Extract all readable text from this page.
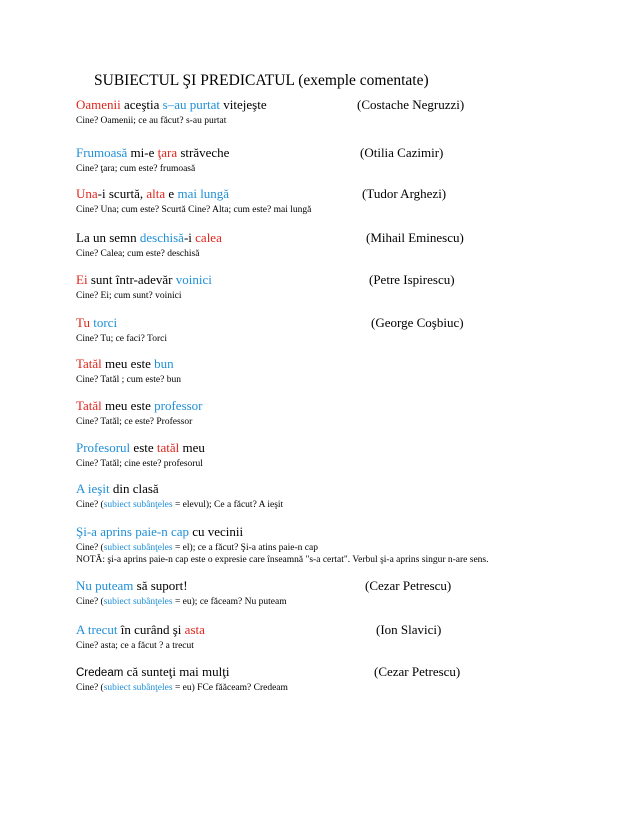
SUBIECTUL ŞI PREDICATUL (exemple comentate)
Oamenii aceştia s–au purtat vitejeşte	(Costache Negruzzi)
Cine? Oamenii; ce au făcut? s-au purtat
Frumoasă mi-e ţara străveche	(Otilia Cazimir)
Cine? ţara; cum este? frumoasă
Una-i scurtă, alta e mai lungă	(Tudor Arghezi)
Cine? Una; cum este? Scurtă Cine? Alta; cum este? mai lungă
La un semn deschisă-i calea	(Mihail Eminescu)
Cine? Calea; cum este? deschisă
Ei sunt într-adevăr voinici	(Petre Ispirescu)
Cine? Ei; cum sunt? voinici
Tu torci	(George Coşbiuc)
Cine? Tu; ce faci? Torci
Tatăl meu este bun
Cine? Tatăl ; cum este? bun
Tatăl meu este professor
Cine? Tatăl; ce este? Professor
Profesorul este tatăl meu
Cine? Tatăl; cine este? profesorul
A ieşit din clasă
Cine? (subiect subânţeles = elevul); Ce a făcut? A ieşit
Şi-a aprins paie-n cap cu vecinii
Cine? (subiect subânţeles = el); ce a făcut? Şi-a atins paie-n cap
NOTĂ: şi-a aprins paie-n cap este o expresie care înseamnă "s-a certat". Verbul şi-a aprins singur n-are sens.
Nu puteam să suport!	(Cezar Petrescu)
Cine? (subiect subânţeles = eu); ce făceam? Nu puteam
A trecut în curând şi asta	(Ion Slavici)
Cine? asta; ce a făcut ? a trecut
Credeam că sunteţi mai mulţi	(Cezar Petrescu)
Cine? (subiect subânţeles = eu) FCe făăceam? Credeam
